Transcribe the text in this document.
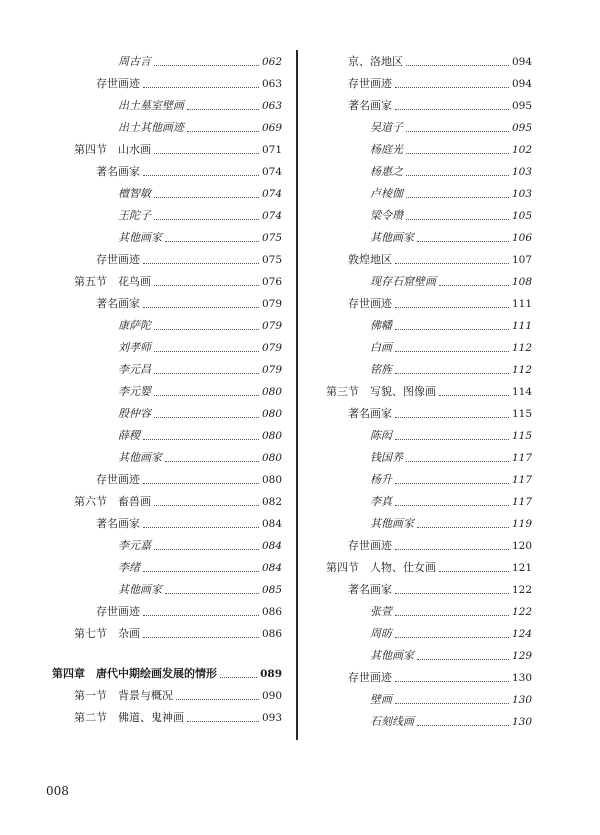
周古言	062
存世画迹	063
出土墓室壁画	063
出土其他画迹	069
第四节　山水画	071
著名画家	074
檀智敏	074
王陀子	074
其他画家	075
存世画迹	075
第五节　花鸟画	076
著名画家	079
康萨陀	079
刘孝师	079
李元昌	079
李元婴	080
殷仲容	080
薛稷	080
其他画家	080
存世画迹	080
第六节　畜兽画	082
著名画家	084
李元嘉	084
李绪	084
其他画家	085
存世画迹	086
第七节　杂画	086
第四章　唐代中期绘画发展的情形	089
第一节　背景与概况	090
第二节　佛道、鬼神画	093
京、洛地区	094
存世画迹	094
著名画家	095
吴道子	095
杨庭光	102
杨惠之	103
卢棱伽	103
梁令瓒	105
其他画家	106
敦煌地区	107
现存石窟壁画	108
存世画迹	111
佛幡	111
白画	112
铭旌	112
第三节　写貌、图像画	114
著名画家	115
陈闳	115
钱国养	117
杨升	117
李真	117
其他画家	119
存世画迹	120
第四节　人物、仕女画	121
著名画家	122
张萱	122
周昉	124
其他画家	129
存世画迹	130
壁画	130
石刻线画	130
008
